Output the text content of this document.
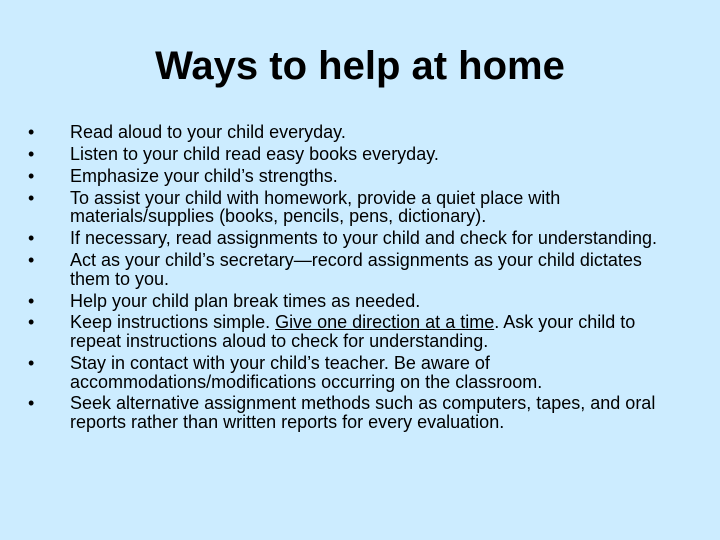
Ways to help at home
• Read aloud to your child everyday.
• Listen to your child read easy books everyday.
• Emphasize your child’s strengths.
• To assist your child with homework, provide a quiet place with materials/supplies (books, pencils, pens, dictionary).
• If necessary, read assignments to your child and check for understanding.
• Act as your child’s secretary—record assignments as your child dictates them to you.
• Help your child plan break times as needed.
• Keep instructions simple. Give one direction at a time. Ask your child to repeat instructions aloud to check for understanding.
• Stay in contact with your child’s teacher. Be aware of accommodations/modifications occurring on the classroom.
• Seek alternative assignment methods such as computers, tapes, and oral reports rather than written reports for every evaluation.
